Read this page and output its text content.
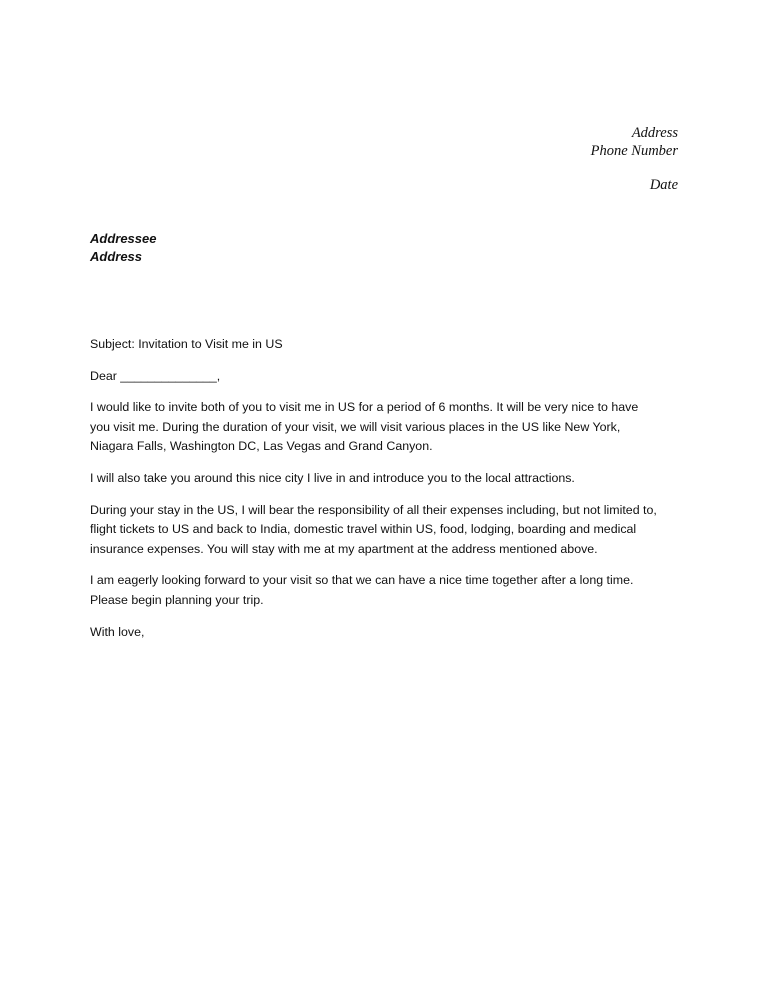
Address
Phone Number
Date
Addressee
Address

Subject: Invitation to Visit me in US

Dear ______________,

I would like to invite both of you to visit me in US for a period of 6 months. It will be very nice to have
you visit me. During the duration of your visit, we will visit various places in the US like New York,
Niagara Falls, Washington DC, Las Vegas and Grand Canyon.

I will also take you around this nice city I live in and introduce you to the local attractions.

During your stay in the US, I will bear the responsibility of all their expenses including, but not limited to,
flight tickets to US and back to India, domestic travel within US, food, lodging, boarding and medical
insurance expenses. You will stay with me at my apartment at the address mentioned above.

I am eagerly looking forward to your visit so that we can have a nice time together after a long time.
Please begin planning your trip.

With love,
